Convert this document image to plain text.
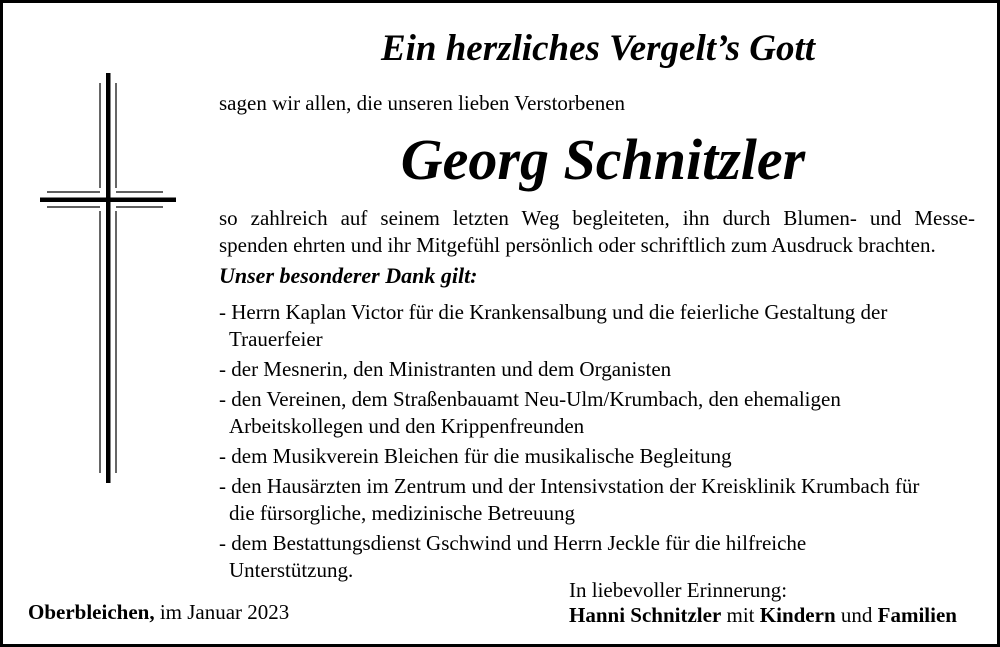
Ein herzliches Vergelt’s Gott
sagen wir allen, die unseren lieben Verstorbenen
Georg Schnitzler
so zahlreich auf seinem letzten Weg begleiteten, ihn durch Blumen- und Messe-
spenden ehrten und ihr Mitgefühl persönlich oder schriftlich zum Ausdruck brachten.
Unser besonderer Dank gilt:
- Herrn Kaplan Victor für die Krankensalbung und die feierliche Gestaltung der
Trauerfeier
- der Mesnerin, den Ministranten und dem Organisten
- den Vereinen, dem Straßenbauamt Neu-Ulm/Krumbach, den ehemaligen
Arbeitskollegen und den Krippenfreunden
- dem Musikverein Bleichen für die musikalische Begleitung
- den Hausärzten im Zentrum und der Intensivstation der Kreisklinik Krumbach für
die fürsorgliche, medizinische Betreuung
- dem Bestattungsdienst Gschwind und Herrn Jeckle für die hilfreiche
Unterstützung.
Oberbleichen, im Januar 2023
In liebevoller Erinnerung:
Hanni Schnitzler mit Kindern und Familien
